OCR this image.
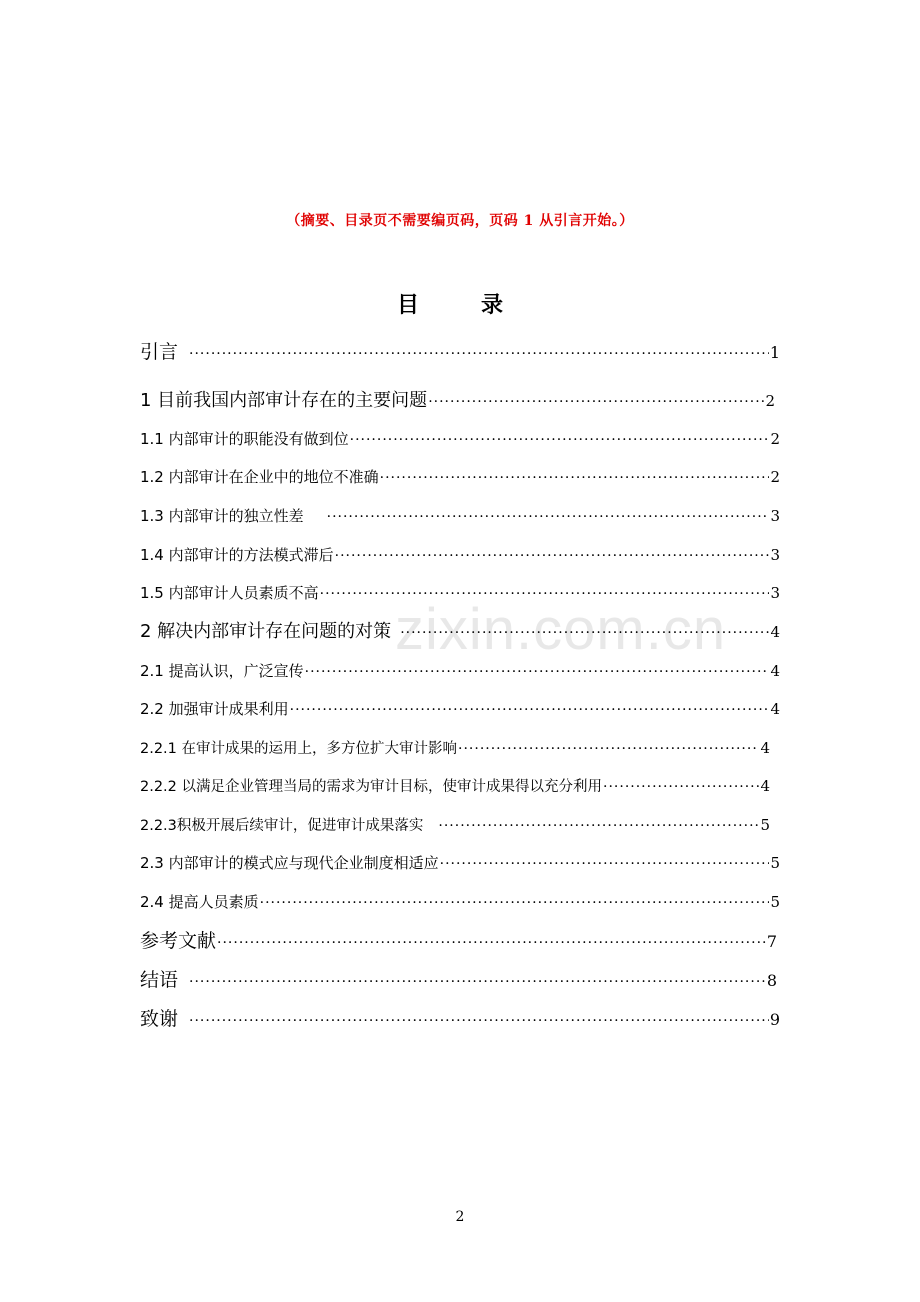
（摘要、目录页不需要编页码，页码 1 从引言开始。）
目　录
zixin.com.cn
引言 ·····	1
1 目前我国内部审计存在的主要问题 ·····	2
1.1 内部审计的职能没有做到位 ·····	2
1.2 内部审计在企业中的地位不准确 ·····	2
1.3 内部审计的独立性差 ·····	3
1.4 内部审计的方法模式滞后 ·····	3
1.5 内部审计人员素质不高 ·····	3
2 解决内部审计存在问题的对策 ·····	4
2.1 提高认识，广泛宣传 ·····	4
2.2 加强审计成果利用 ·····	4
2.2.1 在审计成果的运用上，多方位扩大审计影响 ·····	4
2.2.2 以满足企业管理当局的需求为审计目标，使审计成果得以充分利用 ·····	4
2.2.3积极开展后续审计，促进审计成果落实 ·····	5
2.3 内部审计的模式应与现代企业制度相适应 ·····	5
2.4 提高人员素质 ·····	5
参考文献 ·····	7
结语 ·····	8
致谢 ·····	9
2
